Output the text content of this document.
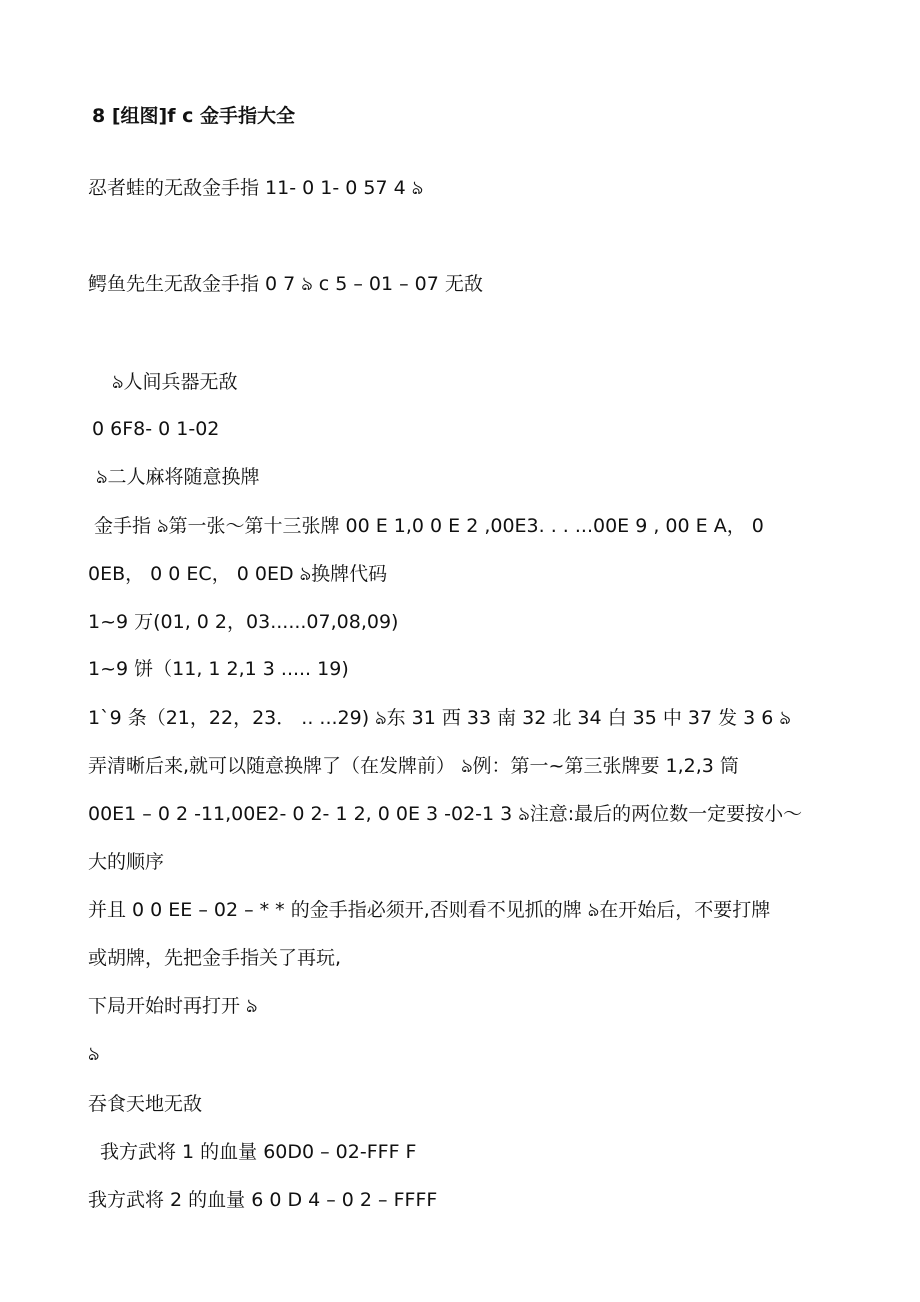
8 [组图]f c 金手指大全
忍者蛙的无敌金手指 11- 0 1- 0 57 4 ঌ
鳄鱼先生无敌金手指 0 7 ঌ c 5 – 01 – 07 无敌
ঌ人间兵器无敌
0 6F8- 0 1-02
ঌ二人麻将随意换牌
金手指 ঌ第一张～第十三张牌 00 E 1,0 0 E 2 ,00E3. . . ...00E 9 , 00 E A， 0
0EB， 0 0 EC， 0 0ED ঌ换牌代码
1~9 万(01, 0 2，03......07,08,09)
1~9 饼（11, 1 2,1 3 ..... 19)
1`9 条（21，22，23． .. ...29) ঌ东 31 西 33 南 32 北 34 白 35 中 37 发 3 6 ঌ
弄清晰后来,就可以随意换牌了（在发牌前） ঌ例：第一~第三张牌要 1,2,3 筒
00E1 – 0 2 -11,00E2- 0 2- 1 2, 0 0E 3 -02-1 3 ঌ注意:最后的两位数一定要按小～
大的顺序
并且 0 0 EE – 02 – * * 的金手指必须开,否则看不见抓的牌 ঌ在开始后，不要打牌
或胡牌，先把金手指关了再玩,
下局开始时再打开 ঌ
ঌ
吞食天地无敌
我方武将 1 的血量 60D0 – 02-FFF F
我方武将 2 的血量 6 0 D 4 – 0 2 – FFFF
